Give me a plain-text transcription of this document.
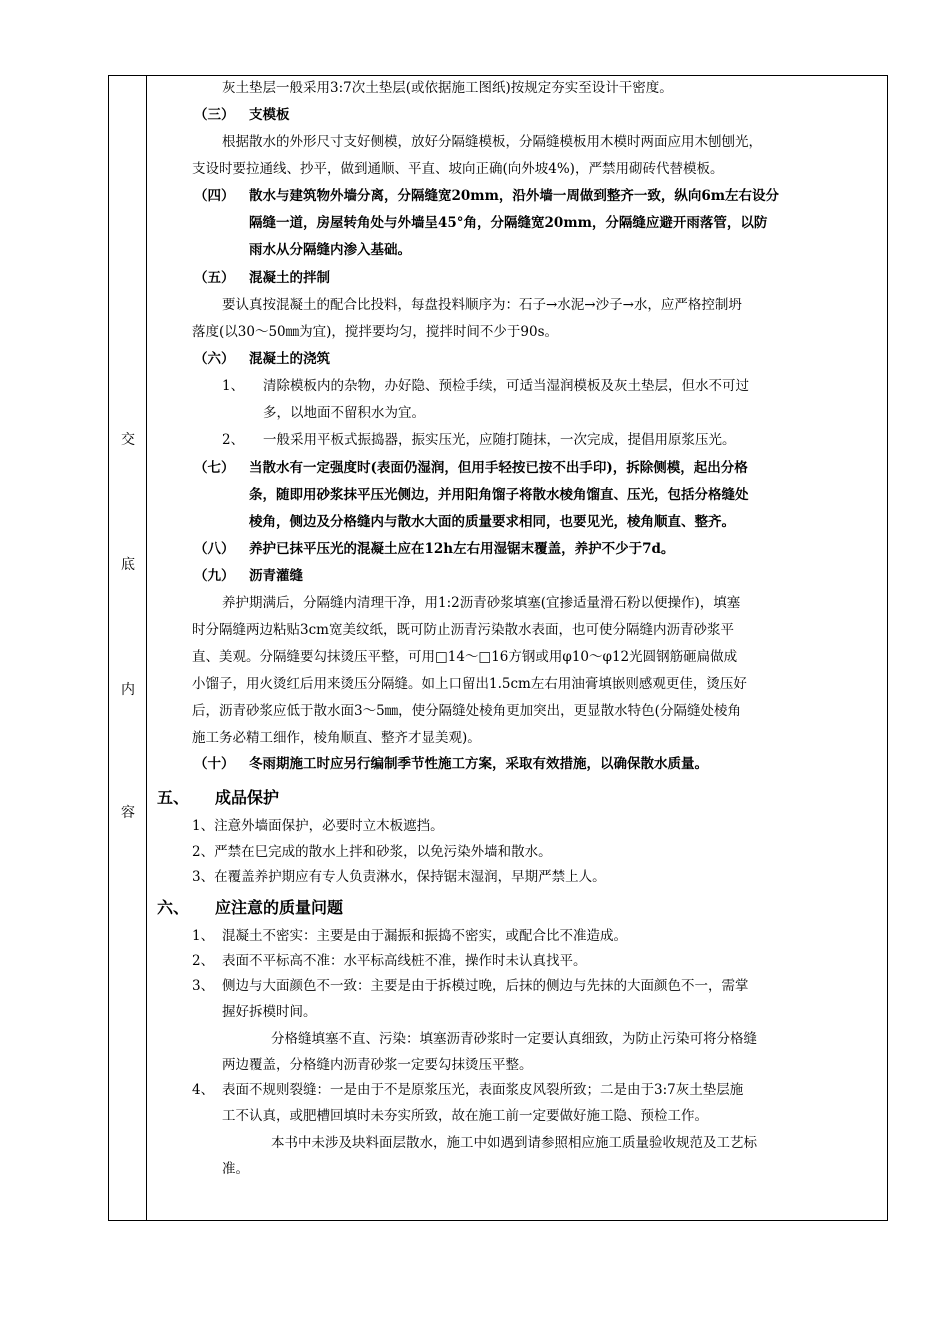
交
底
内
容
灰土垫层一般采用3:7次土垫层(或依据施工图纸)按规定夯实至设计干密度。
（三） 支模板
根据散水的外形尺寸支好侧模，放好分隔缝模板，分隔缝模板用木模时两面应用木刨刨光，
支设时要拉通线、抄平，做到通顺、平直、坡向正确(向外坡4%)，严禁用砌砖代替模板。
（四） 散水与建筑物外墙分离，分隔缝宽20mm，沿外墙一周做到整齐一致，纵向6m左右设分
隔缝一道，房屋转角处与外墙呈45°角，分隔缝宽20mm，分隔缝应避开雨落管，以防
雨水从分隔缝内渗入基础。
（五） 混凝土的拌制
要认真按混凝土的配合比投料，每盘投料顺序为：石子→水泥→沙子→水，应严格控制坍
落度(以30～50㎜为宜)，搅拌要均匀，搅拌时间不少于90s。
（六） 混凝土的浇筑
1、 清除模板内的杂物，办好隐、预检手续，可适当湿润模板及灰土垫层，但水不可过
多，以地面不留积水为宜。
2、 一般采用平板式振捣器，振实压光，应随打随抹，一次完成，提倡用原浆压光。
（七） 当散水有一定强度时(表面仍湿润，但用手轻按已按不出手印)，拆除侧模，起出分格
条，随即用砂浆抹平压光侧边，并用阳角馏子将散水棱角馏直、压光，包括分格缝处
棱角，侧边及分格缝内与散水大面的质量要求相同，也要见光，棱角顺直、整齐。
（八） 养护已抹平压光的混凝土应在12h左右用湿锯末覆盖，养护不少于7d。
（九） 沥青灌缝
养护期满后，分隔缝内清理干净，用1:2沥青砂浆填塞(宜掺适量滑石粉以便操作)，填塞
时分隔缝两边粘贴3cm宽美纹纸，既可防止沥青污染散水表面，也可使分隔缝内沥青砂浆平
直、美观。分隔缝要勾抹烫压平整，可用□14～□16方钢或用φ10～φ12光圆钢筋砸扁做成
小馏子，用火烫红后用来烫压分隔缝。如上口留出1.5cm左右用油膏填嵌则感观更佳，烫压好
后，沥青砂浆应低于散水面3～5㎜，使分隔缝处棱角更加突出，更显散水特色(分隔缝处棱角
施工务必精工细作，棱角顺直、整齐才显美观)。
（十） 冬雨期施工时应另行编制季节性施工方案，采取有效措施，以确保散水质量。
五、 成品保护
1、注意外墙面保护，必要时立木板遮挡。
2、严禁在巳完成的散水上拌和砂浆，以免污染外墙和散水。
3、在覆盖养护期应有专人负责淋水，保持锯末湿润，早期严禁上人。
六、 应注意的质量问题
1、 混凝土不密实：主要是由于漏振和振捣不密实，或配合比不准造成。
2、 表面不平标高不准：水平标高线桩不准，操作时未认真找平。
3、 侧边与大面颜色不一致：主要是由于拆模过晚，后抹的侧边与先抹的大面颜色不一，需掌
握好拆模时间。
分格缝填塞不直、污染：填塞沥青砂浆时一定要认真细致，为防止污染可将分格缝
两边覆盖，分格缝内沥青砂浆一定要勾抹烫压平整。
4、 表面不规则裂缝：一是由于不是原浆压光，表面浆皮风裂所致；二是由于3:7灰土垫层施
工不认真，或肥槽回填时未夯实所致，故在施工前一定要做好施工隐、预检工作。
本书中未涉及块料面层散水，施工中如遇到请参照相应施工质量验收规范及工艺标
准。
